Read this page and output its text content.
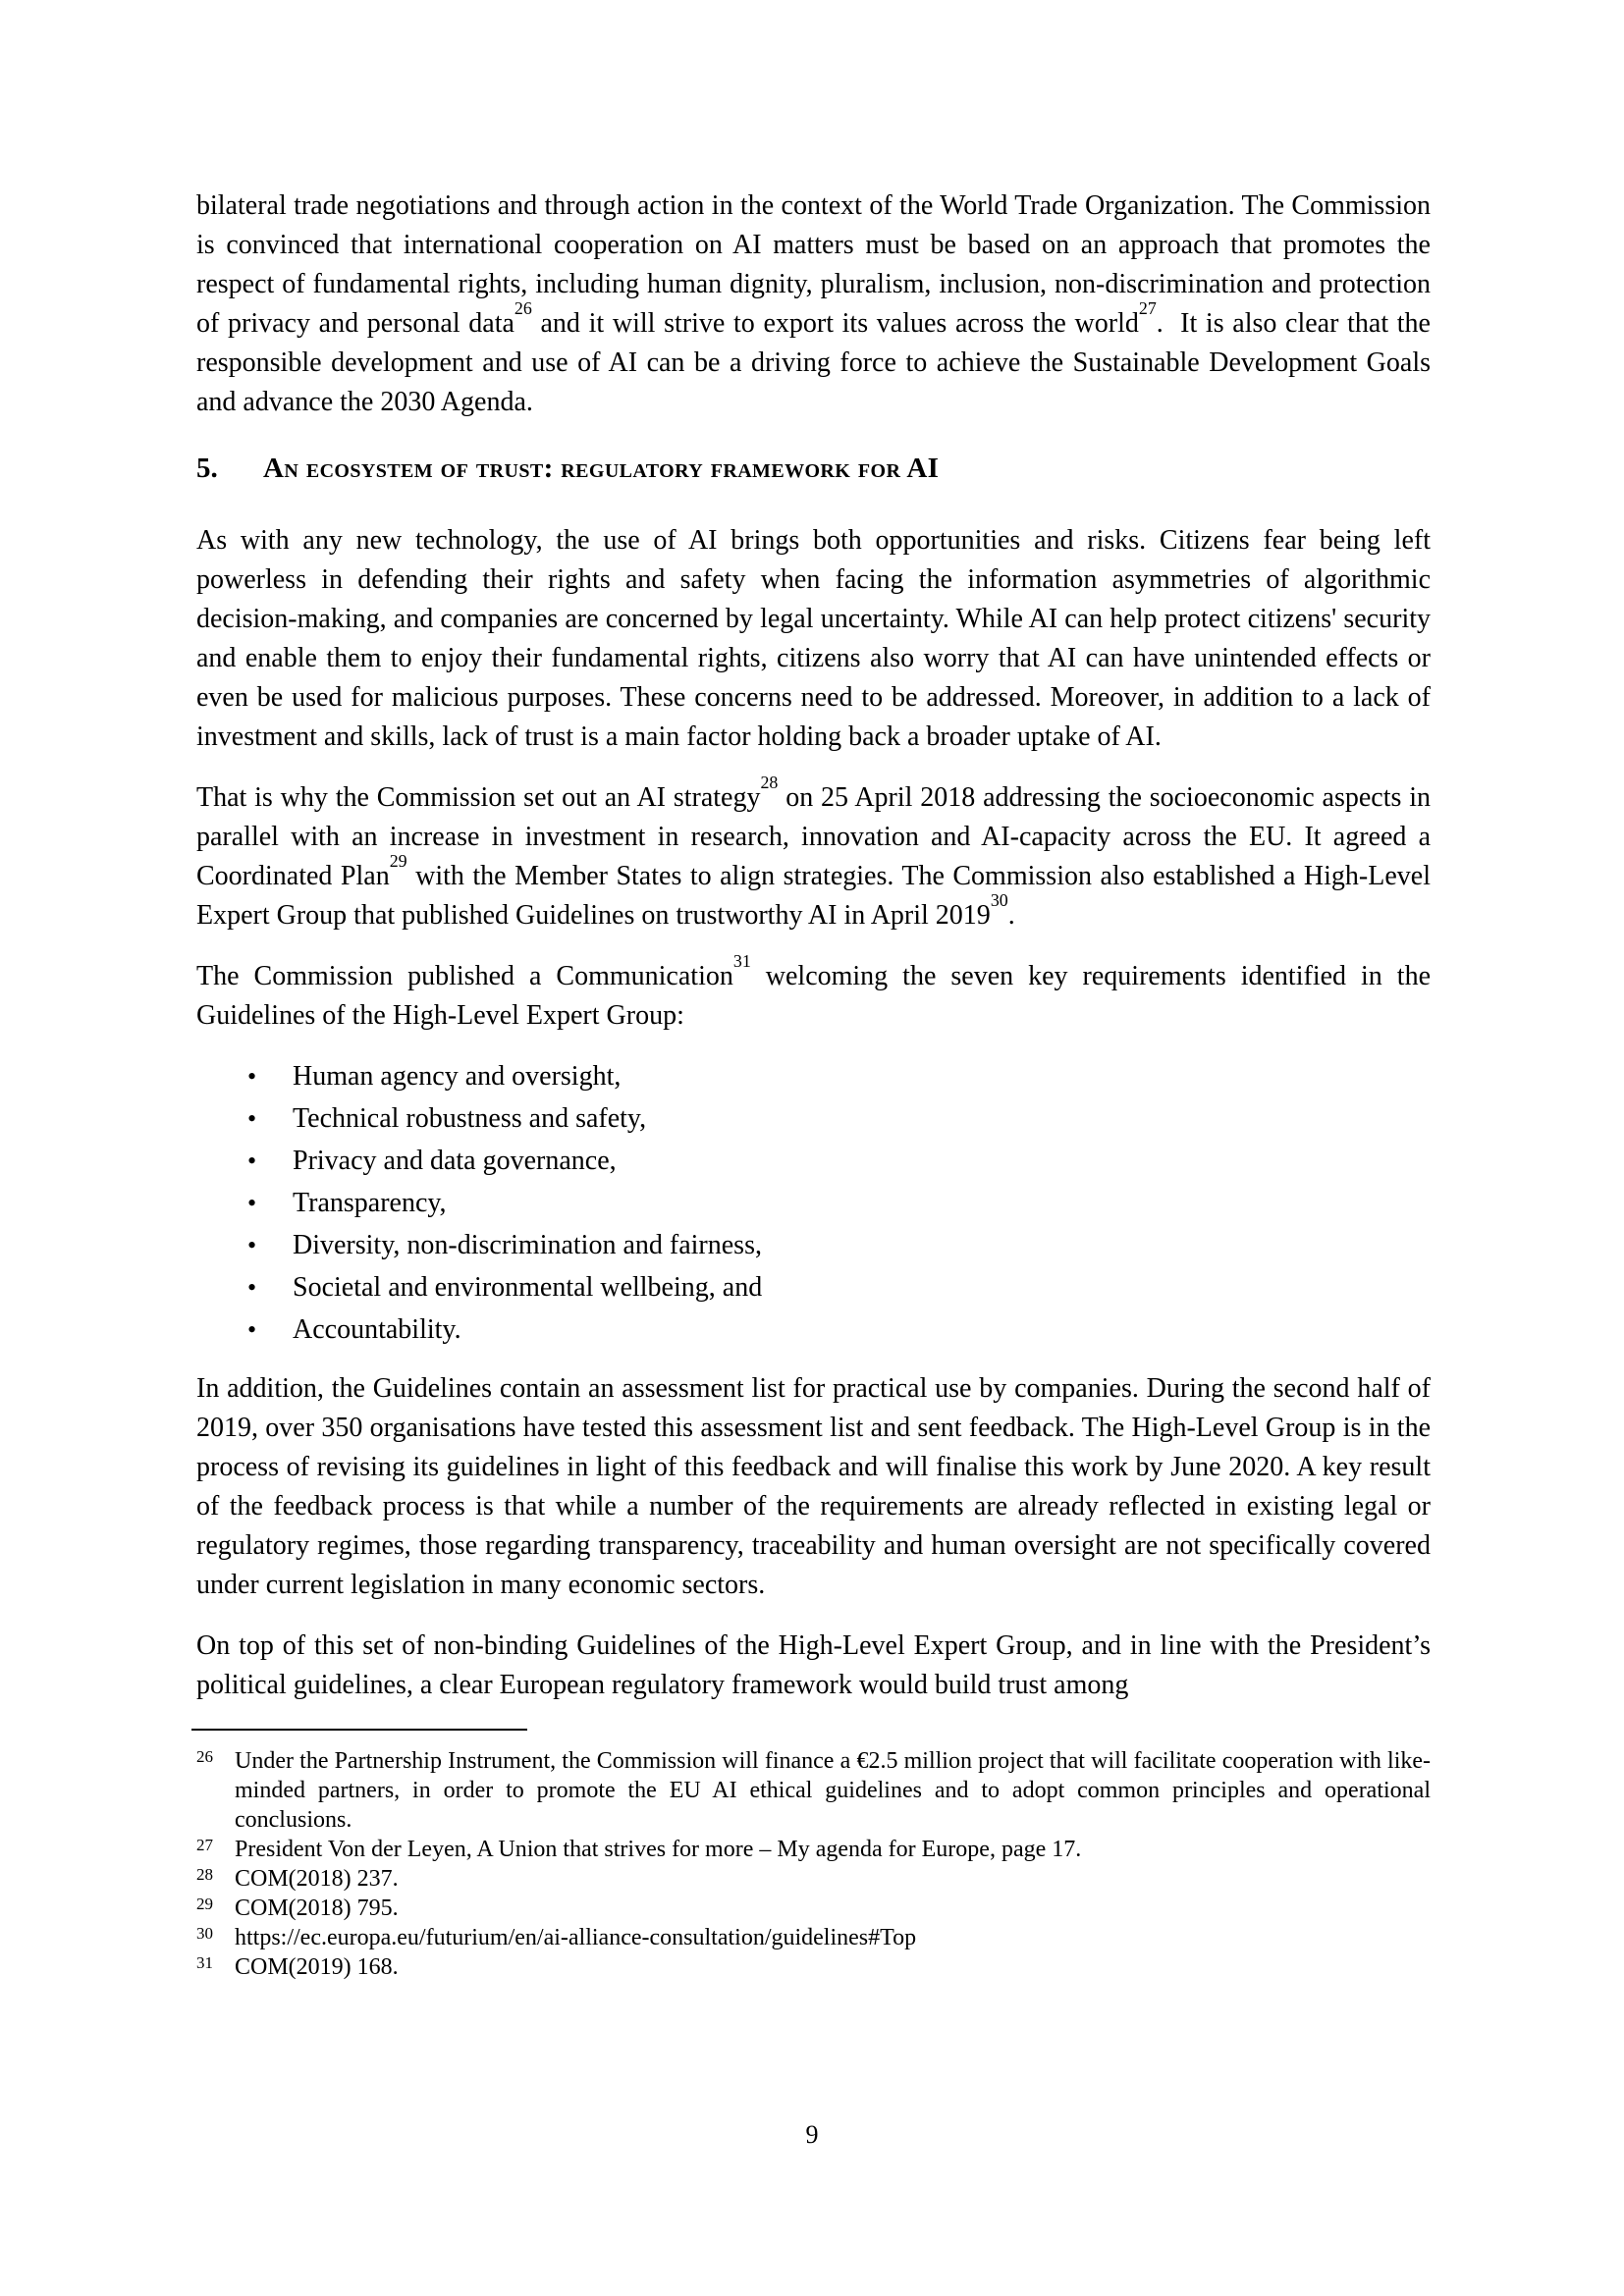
bilateral trade negotiations and through action in the context of the World Trade Organization. The Commission is convinced that international cooperation on AI matters must be based on an approach that promotes the respect of fundamental rights, including human dignity, pluralism, inclusion, non-discrimination and protection of privacy and personal data$^{26}$ and it will strive to export its values across the world$^{27}$.  It is also clear that the responsible development and use of AI can be a driving force to achieve the Sustainable Development Goals and advance the 2030 Agenda.

5.	An ecosystem of trust: regulatory framework for AI

As with any new technology, the use of AI brings both opportunities and risks. Citizens fear being left powerless in defending their rights and safety when facing the information asymmetries of algorithmic decision-making, and companies are concerned by legal uncertainty. While AI can help protect citizens' security and enable them to enjoy their fundamental rights, citizens also worry that AI can have unintended effects or even be used for malicious purposes. These concerns need to be addressed. Moreover, in addition to a lack of investment and skills, lack of trust is a main factor holding back a broader uptake of AI.

That is why the Commission set out an AI strategy$^{28}$ on 25 April 2018 addressing the socioeconomic aspects in parallel with an increase in investment in research, innovation and AI-capacity across the EU. It agreed a Coordinated Plan$^{29}$ with the Member States to align strategies. The Commission also established a High-Level Expert Group that published Guidelines on trustworthy AI in April 2019$^{30}$.

The Commission published a Communication$^{31}$ welcoming the seven key requirements identified in the Guidelines of the High-Level Expert Group:

•	Human agency and oversight,
•	Technical robustness and safety,
•	Privacy and data governance,
•	Transparency,
•	Diversity, non-discrimination and fairness,
•	Societal and environmental wellbeing, and
•	Accountability.

In addition, the Guidelines contain an assessment list for practical use by companies. During the second half of 2019, over 350 organisations have tested this assessment list and sent feedback. The High-Level Group is in the process of revising its guidelines in light of this feedback and will finalise this work by June 2020. A key result of the feedback process is that while a number of the requirements are already reflected in existing legal or regulatory regimes, those regarding transparency, traceability and human oversight are not specifically covered under current legislation in many economic sectors.

On top of this set of non-binding Guidelines of the High-Level Expert Group, and in line with the President’s political guidelines, a clear European regulatory framework would build trust among

26 Under the Partnership Instrument, the Commission will finance a €2.5 million project that will facilitate cooperation with like-minded partners, in order to promote the EU AI ethical guidelines and to adopt common principles and operational conclusions.
27 President Von der Leyen, A Union that strives for more – My agenda for Europe, page 17.
28 COM(2018) 237.
29 COM(2018) 795.
30 https://ec.europa.eu/futurium/en/ai-alliance-consultation/guidelines#Top
31 COM(2019) 168.
9
